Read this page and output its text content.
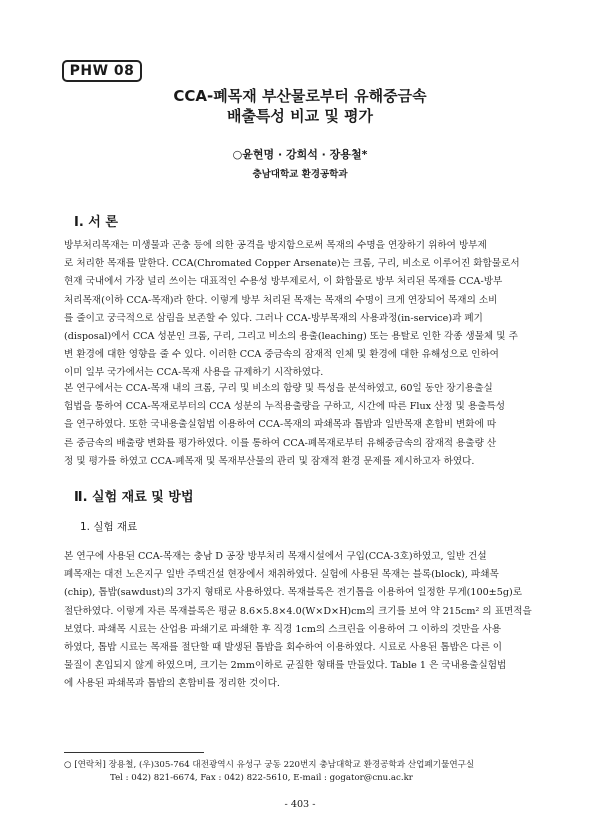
PHW 08
CCA-폐목재 부산물로부터 유해중금속
배출특성 비교 및 평가
○윤현명 · 강희석 · 장용철*
충남대학교 환경공학과
Ⅰ. 서 론

방부처리목재는 미생물과 곤충 등에 의한 공격을 방지함으로써 목재의 수명을 연장하기 위하여 방부제
로 처리한 목재를 말한다. CCA(Chromated Copper Arsenate)는 크롬, 구리, 비소로 이루어진 화합물로서
현재 국내에서 가장 널리 쓰이는 대표적인 수용성 방부제로서, 이 화합물로 방부 처리된 목재를 CCA-방부
처리목재(이하 CCA-목재)라 한다. 이렇게 방부 처리된 목재는 목재의 수명이 크게 연장되어 목재의 소비
를 줄이고 궁극적으로 삼림을 보존할 수 있다. 그러나 CCA-방부목재의 사용과정(in-service)과 폐기
(disposal)에서 CCA 성분인 크롬, 구리, 그리고 비소의 용출(leaching) 또는 용탈로 인한 각종 생물체 및 주
변 환경에 대한 영향을 줄 수 있다. 이러한 CCA 중금속의 잠재적 인체 및 환경에 대한 유해성으로 인하여
이미 일부 국가에서는 CCA-목재 사용을 규제하기 시작하였다.

본 연구에서는 CCA-목재 내의 크롬, 구리 및 비소의 함량 및 특성을 분석하였고, 60일 동안 장기용출실
험법을 통하여 CCA-목재로부터의 CCA 성분의 누적용출량을 구하고, 시간에 따른 Flux 산정 및 용출특성
을 연구하였다. 또한 국내용출실험법 이용하여 CCA-목재의 파쇄목과 톱밥과 일반목재 혼합비 변화에 따
른 중금속의 배출량 변화를 평가하였다. 이를 통하여 CCA-폐목재로부터 유해중금속의 잠재적 용출량 산
정 및 평가를 하였고 CCA-폐목재 및 목재부산물의 관리 및 잠재적 환경 문제를 제시하고자 하였다.

Ⅱ. 실험 재료 및 방법
1. 실험 재료

본 연구에 사용된 CCA-목재는 충남 D 공장 방부처리 목재시설에서 구입(CCA-3호)하였고, 일반 건설
폐목재는 대전 노은지구 일반 주택건설 현장에서 채취하였다. 실험에 사용된 목재는 블록(block), 파쇄목
(chip), 톱밥(sawdust)의 3가지 형태로 사용하였다. 목재블록은 전기톱을 이용하여 일정한 무게(100±5g)로
절단하였다. 이렇게 자른 목재블록은 평균 8.6×5.8×4.0(W×D×H)cm의 크기를 보여 약 215cm² 의 표면적을
보였다. 파쇄목 시료는 산업용 파쇄기로 파쇄한 후 직경 1cm의 스크린을 이용하여 그 이하의 것만을 사용
하였다, 톱밥 시료는 목재를 절단할 때 발생된 톱밥을 회수하여 이용하였다. 시료로 사용된 톱밥은 다른 이
물질이 혼입되지 않게 하였으며, 크기는 2mm이하로 균질한 형태를 만들었다. Table 1 은 국내용출실험법
에 사용된 파쇄목과 톱밥의 혼합비를 정리한 것이다.

○ [연락처] 장용철, (우)305-764 대전광역시 유성구 궁동 220번지 충남대학교 환경공학과 산업폐기물연구실
Tel : 042) 821-6674, Fax : 042) 822-5610, E-mail : gogator@cnu.ac.kr
- 403 -
